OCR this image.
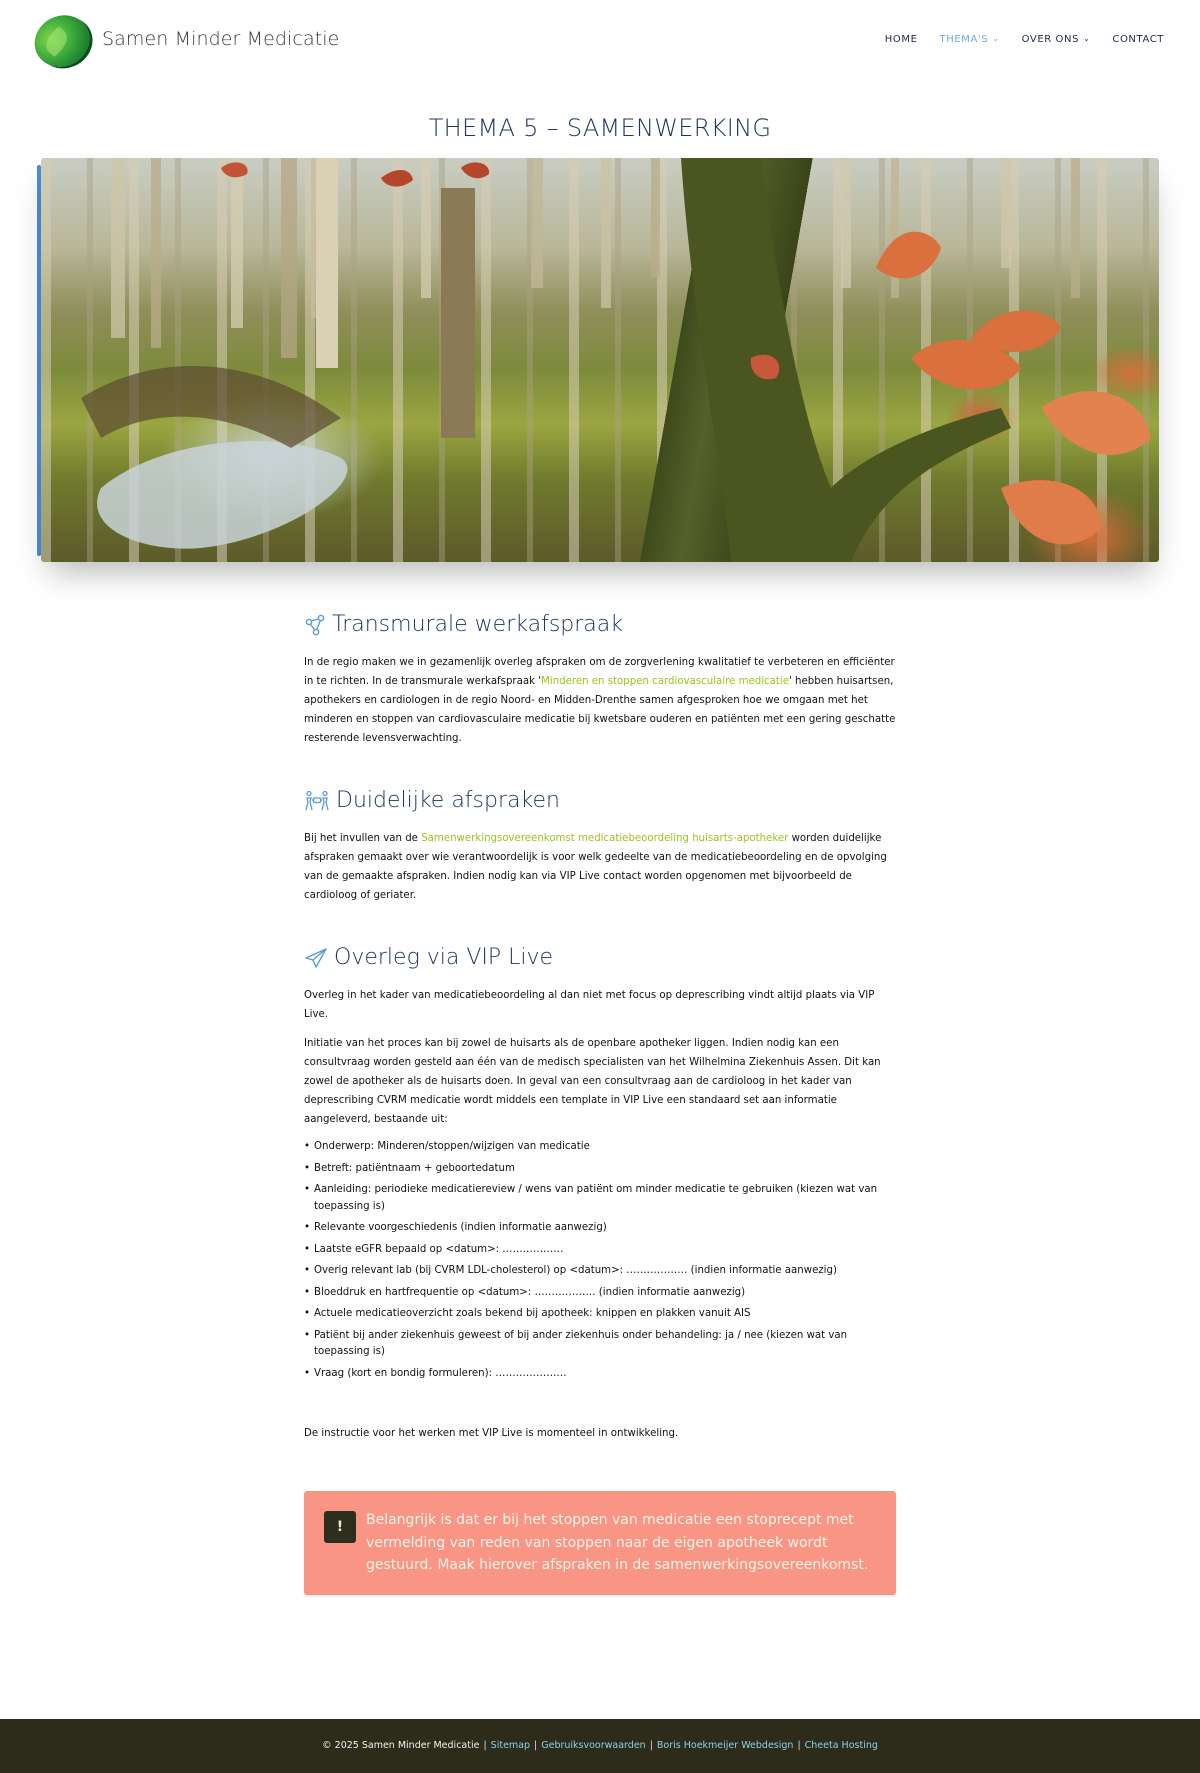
Samen Minder Medicatie	HOME THEMA'S ⌄ OVER ONS ⌄ CONTACT
THEMA 5 – SAMENWERKING
Transmurale werkafspraak

In de regio maken we in gezamenlijk overleg afspraken om de zorgverlening kwalitatief te verbeteren en efficiënter in te richten. In de transmurale werkafspraak 'Minderen en stoppen cardiovasculaire medicatie' hebben huisartsen, apothekers en cardiologen in de regio Noord- en Midden-Drenthe samen afgesproken hoe we omgaan met het minderen en stoppen van cardiovasculaire medicatie bij kwetsbare ouderen en patiënten met een gering geschatte resterende levensverwachting.

Duidelijke afspraken

Bij het invullen van de Samenwerkingsovereenkomst medicatiebeoordeling huisarts-apotheker worden duidelijke afspraken gemaakt over wie verantwoordelijk is voor welk gedeelte van de medicatiebeoordeling en de opvolging van de gemaakte afspraken. Indien nodig kan via VIP Live contact worden opgenomen met bijvoorbeeld de cardioloog of geriater.

Overleg via VIP Live

Overleg in het kader van medicatiebeoordeling al dan niet met focus op deprescribing vindt altijd plaats via VIP Live.

Initiatie van het proces kan bij zowel de huisarts als de openbare apotheker liggen. Indien nodig kan een consultvraag worden gesteld aan één van de medisch specialisten van het Wilhelmina Ziekenhuis Assen. Dit kan zowel de apotheker als de huisarts doen. In geval van een consultvraag aan de cardioloog in het kader van deprescribing CVRM medicatie wordt middels een template in VIP Live een standaard set aan informatie aangeleverd, bestaande uit:

• Onderwerp: Minderen/stoppen/wijzigen van medicatie
• Betreft: patiëntnaam + geboortedatum
• Aanleiding: periodieke medicatiereview / wens van patiënt om minder medicatie te gebruiken (kiezen wat van toepassing is)
• Relevante voorgeschiedenis (indien informatie aanwezig)
• Laatste eGFR bepaald op <datum>: ………………
• Overig relevant lab (bij CVRM LDL-cholesterol) op <datum>: ……………… (indien informatie aanwezig)
• Bloeddruk en hartfrequentie op <datum>: ……………… (indien informatie aanwezig)
• Actuele medicatieoverzicht zoals bekend bij apotheek: knippen en plakken vanuit AIS
• Patiënt bij ander ziekenhuis geweest of bij ander ziekenhuis onder behandeling: ja / nee (kiezen wat van toepassing is)
• Vraag (kort en bondig formuleren): …………………

De instructie voor het werken met VIP Live is momenteel in ontwikkeling.

!	Belangrijk is dat er bij het stoppen van medicatie een stoprecept met vermelding van reden van stoppen naar de eigen apotheek wordt gestuurd. Maak hierover afspraken in de samenwerkingsovereenkomst.
© 2025 Samen Minder Medicatie | Sitemap | Gebruiksvoorwaarden | Boris Hoekmeijer Webdesign | Cheeta Hosting
